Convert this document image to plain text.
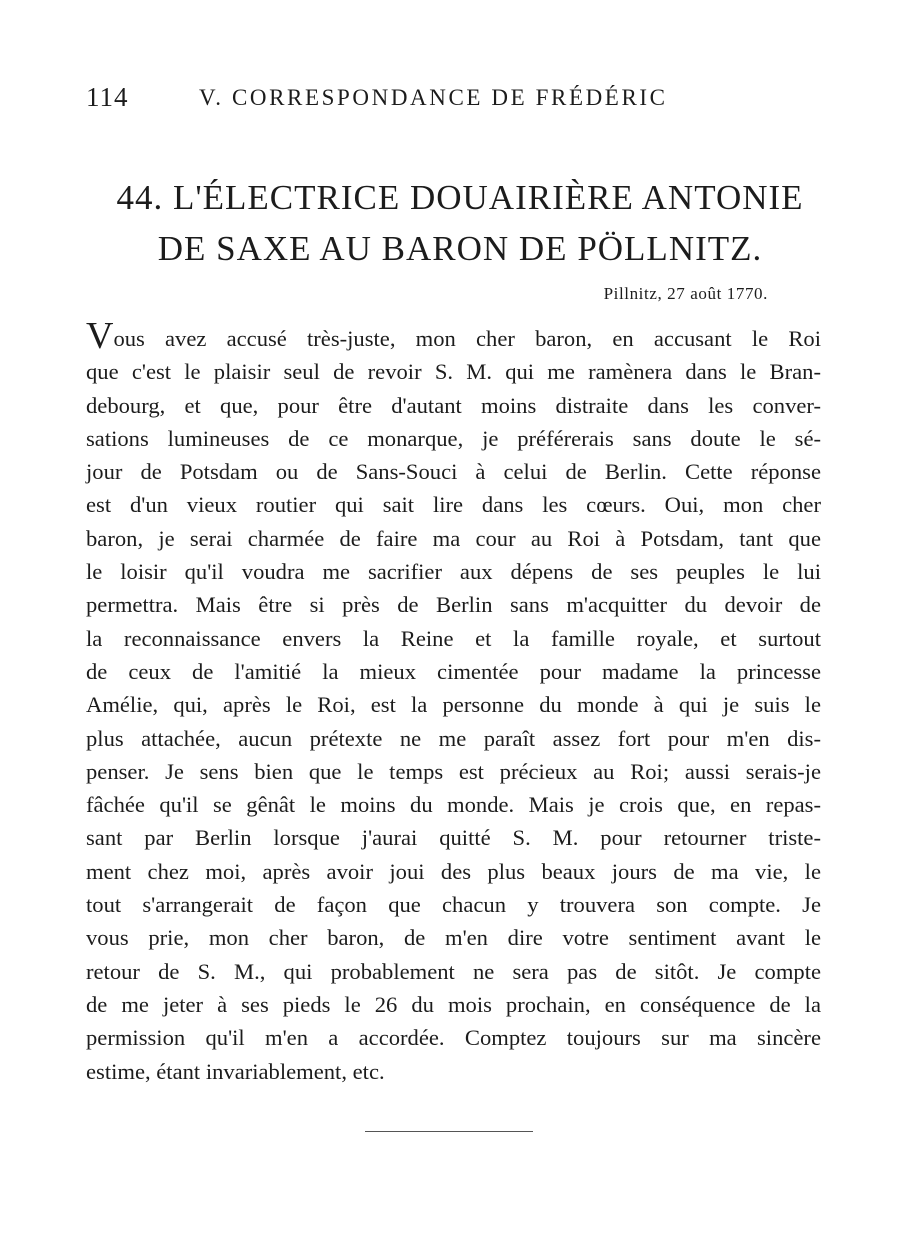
114	V. CORRESPONDANCE DE FRÉDÉRIC
44. L'ÉLECTRICE DOUAIRIÈRE ANTONIE
DE SAXE AU BARON DE PÖLLNITZ.
Pillnitz, 27 août 1770.
Vous avez accusé très-juste, mon cher baron, en accusant le Roi
que c'est le plaisir seul de revoir S. M. qui me ramènera dans le Bran-
debourg, et que, pour être d'autant moins distraite dans les conver-
sations lumineuses de ce monarque, je préférerais sans doute le sé-
jour de Potsdam ou de Sans-Souci à celui de Berlin. Cette réponse
est d'un vieux routier qui sait lire dans les cœurs. Oui, mon cher
baron, je serai charmée de faire ma cour au Roi à Potsdam, tant que
le loisir qu'il voudra me sacrifier aux dépens de ses peuples le lui
permettra. Mais être si près de Berlin sans m'acquitter du devoir de
la reconnaissance envers la Reine et la famille royale, et surtout
de ceux de l'amitié la mieux cimentée pour madame la princesse
Amélie, qui, après le Roi, est la personne du monde à qui je suis le
plus attachée, aucun prétexte ne me paraît assez fort pour m'en dis-
penser. Je sens bien que le temps est précieux au Roi; aussi serais-je
fâchée qu'il se gênât le moins du monde. Mais je crois que, en repas-
sant par Berlin lorsque j'aurai quitté S. M. pour retourner triste-
ment chez moi, après avoir joui des plus beaux jours de ma vie, le
tout s'arrangerait de façon que chacun y trouvera son compte. Je
vous prie, mon cher baron, de m'en dire votre sentiment avant le
retour de S. M., qui probablement ne sera pas de sitôt. Je compte
de me jeter à ses pieds le 26 du mois prochain, en conséquence de la
permission qu'il m'en a accordée. Comptez toujours sur ma sincère
estime, étant invariablement, etc.
